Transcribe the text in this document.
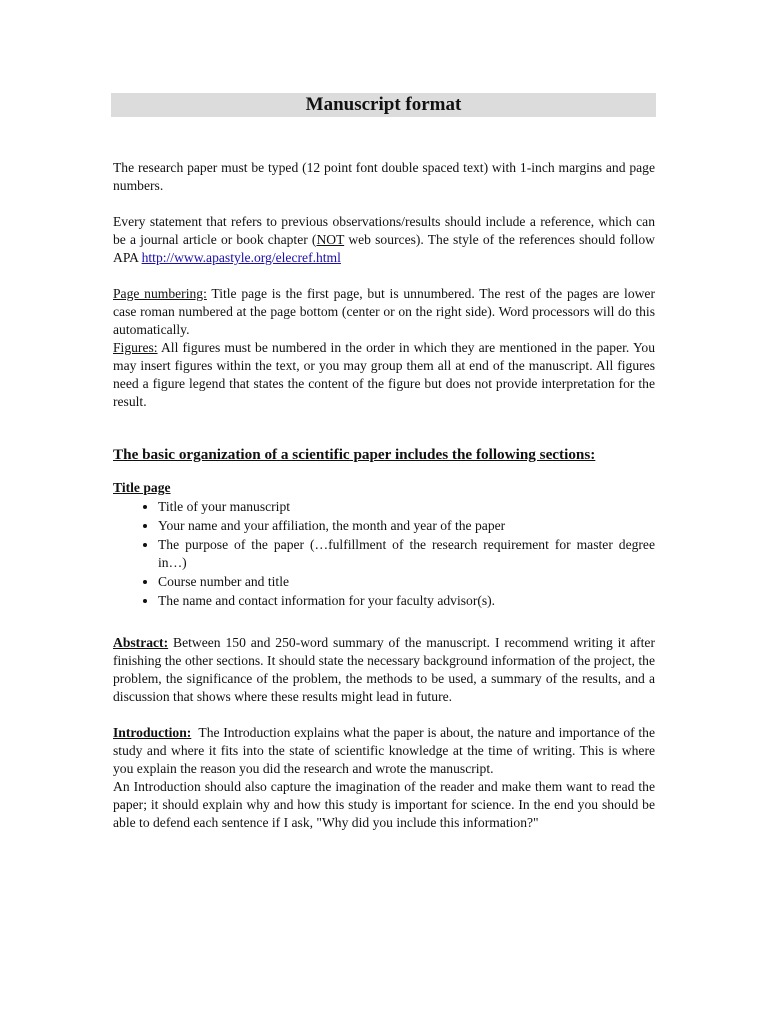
Manuscript format

The research paper must be typed (12 point font double spaced text) with 1-inch margins and page numbers.

Every statement that refers to previous observations/results should include a reference, which can be a journal article or book chapter (NOT web sources). The style of the references should follow APA http://www.apastyle.org/elecref.html

Page numbering: Title page is the first page, but is unnumbered. The rest of the pages are lower case roman numbered at the page bottom (center or on the right side). Word processors will do this automatically.

Figures: All figures must be numbered in the order in which they are mentioned in the paper. You may insert figures within the text, or you may group them all at end of the manuscript. All figures need a figure legend that states the content of the figure but does not provide interpretation for the result.

The basic organization of a scientific paper includes the following sections:
Title page
• Title of your manuscript
• Your name and your affiliation, the month and year of the paper
• The purpose of the paper (…fulfillment of the research requirement for master degree in…)
• Course number and title
• The name and contact information for your faculty advisor(s).

Abstract: Between 150 and 250-word summary of the manuscript. I recommend writing it after finishing the other sections. It should state the necessary background information of the project, the problem, the significance of the problem, the methods to be used, a summary of the results, and a discussion that shows where these results might lead in future.

Introduction:  The Introduction explains what the paper is about, the nature and importance of the study and where it fits into the state of scientific knowledge at the time of writing. This is where you explain the reason you did the research and wrote the manuscript.

An Introduction should also capture the imagination of the reader and make them want to read the paper; it should explain why and how this study is important for science. In the end you should be able to defend each sentence if I ask, "Why did you include this information?"
